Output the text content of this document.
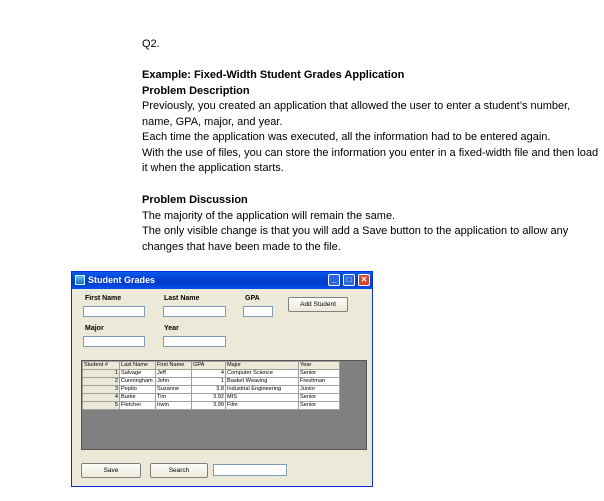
Q2.

Example: Fixed-Width Student Grades Application

Problem Description

Previously, you created an application that allowed the user to enter a student’s number,

name, GPA, major, and year.

Each time the application was executed, all the information had to be entered again.

With the use of files, you can store the information you enter in a fixed-width file and then load

it when the application starts.

Problem Discussion

The majority of the application will remain the same.

The only visible change is that you will add a Save button to the application to allow any

changes that have been made to the file.

Student Grades	_	□	✕
First Name	Last Name	GPA
Add Student
Major	Year
Student #	Last Name	First Name	GPA	Major	Year
1	Salvage	Jeff	4	Computer Science	Senior
2	Cunningham	John	1	Basket Weaving	Freshman
3	Pepito	Suzanne	3.8	Industrial Engineering	Junior
4	Burke	Tim	3.92	MIS	Senior
5	Fletcher	Irwin	3.99	Film	Senior
Save	Search
